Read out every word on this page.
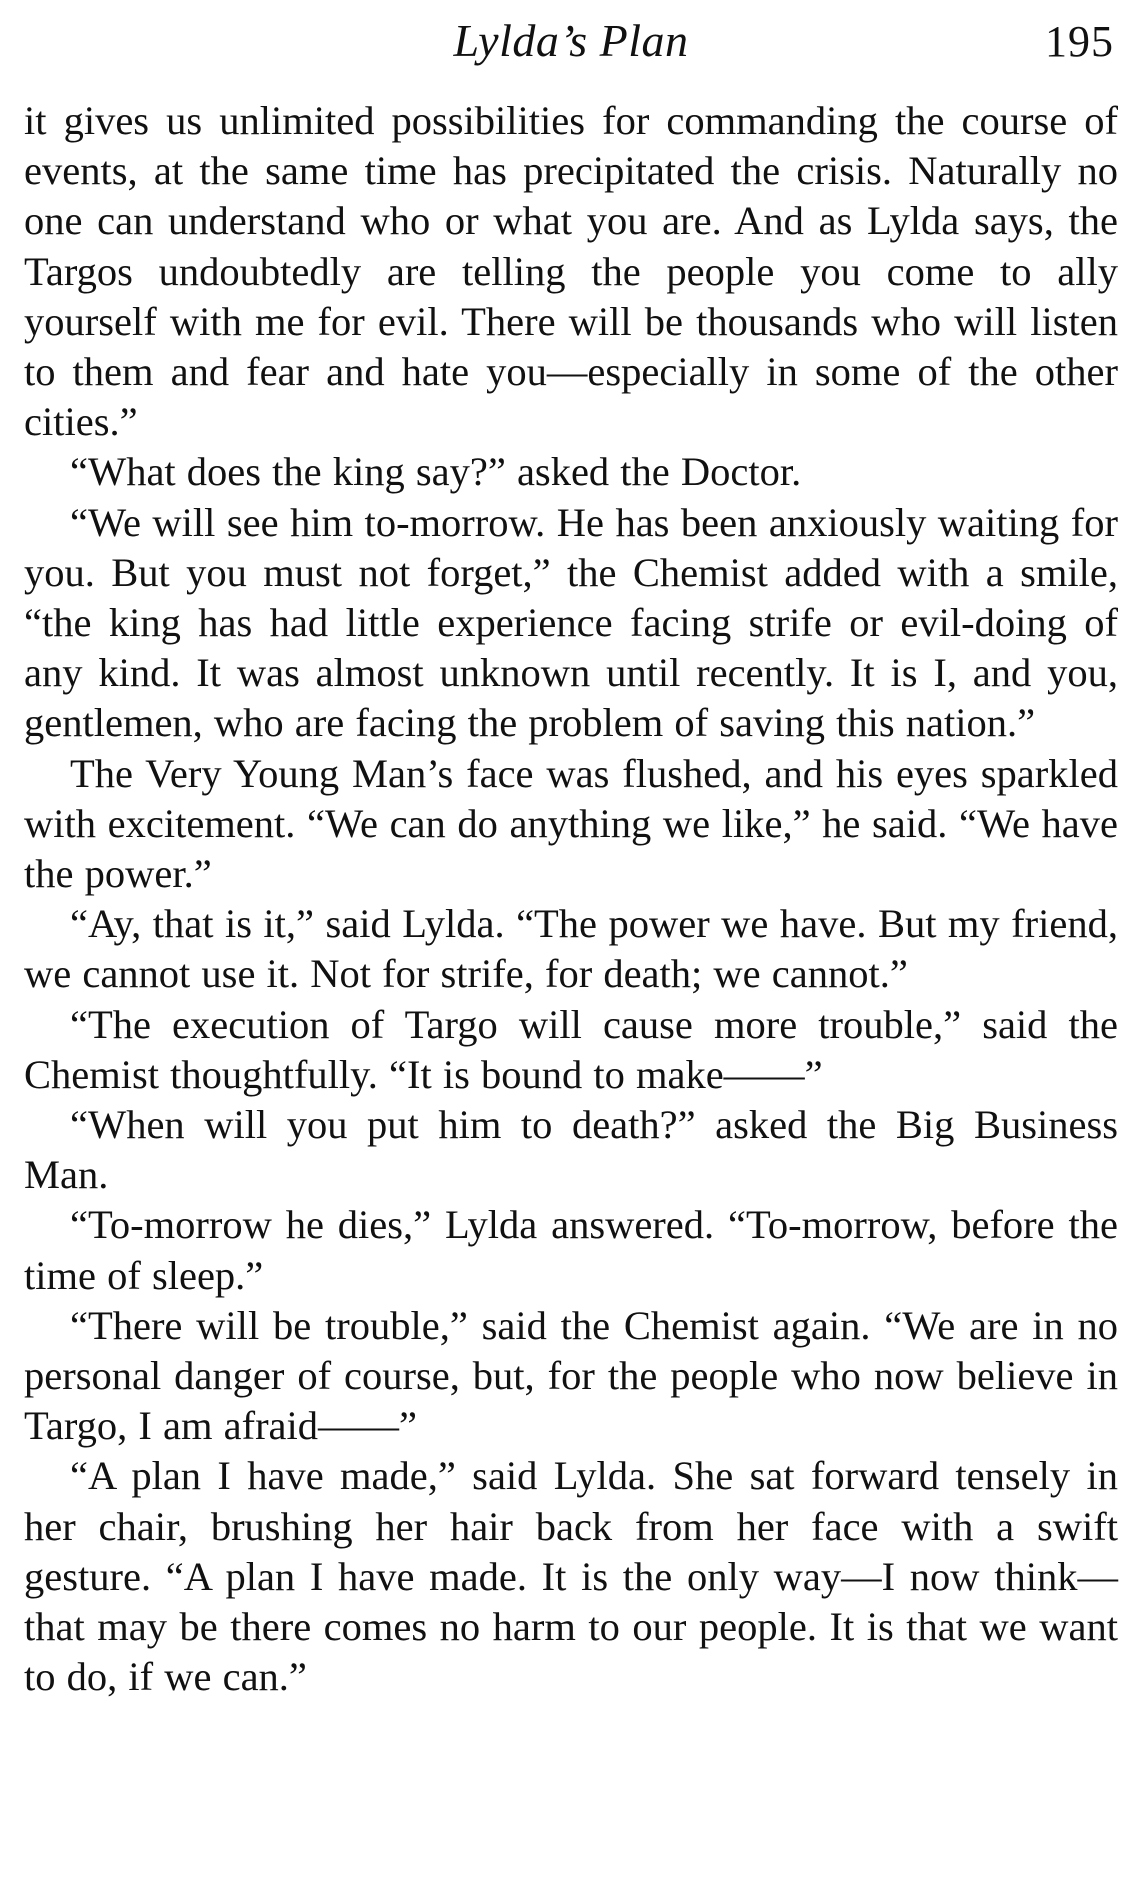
Lylda’s Plan	195

it gives us unlimited possibilities for commanding the course of events, at the same time has precipitated the crisis. Naturally no one can understand who or what you are. And as Lylda says, the Targos undoubtedly are telling the people you come to ally yourself with me for evil. There will be thousands who will listen to them and fear and hate you—especially in some of the other cities.”

“What does the king say?” asked the Doctor.

“We will see him to-morrow. He has been anxiously waiting for you. But you must not forget,” the Chemist added with a smile, “the king has had little experience facing strife or evil-doing of any kind. It was almost unknown until recently. It is I, and you, gentlemen, who are facing the problem of saving this nation.”

The Very Young Man’s face was flushed, and his eyes sparkled with excitement. “We can do anything we like,” he said. “We have the power.”

“Ay, that is it,” said Lylda. “The power we have. But my friend, we cannot use it. Not for strife, for death; we cannot.”

“The execution of Targo will cause more trouble,” said the Chemist thoughtfully. “It is bound to make——”

“When will you put him to death?” asked the Big Business Man.

“To-morrow he dies,” Lylda answered. “To-morrow, before the time of sleep.”

“There will be trouble,” said the Chemist again. “We are in no personal danger of course, but, for the people who now believe in Targo, I am afraid——”

“A plan I have made,” said Lylda. She sat forward tensely in her chair, brushing her hair back from her face with a swift gesture. “A plan I have made. It is the only way—I now think—that may be there comes no harm to our people. It is that we want to do, if we can.”
